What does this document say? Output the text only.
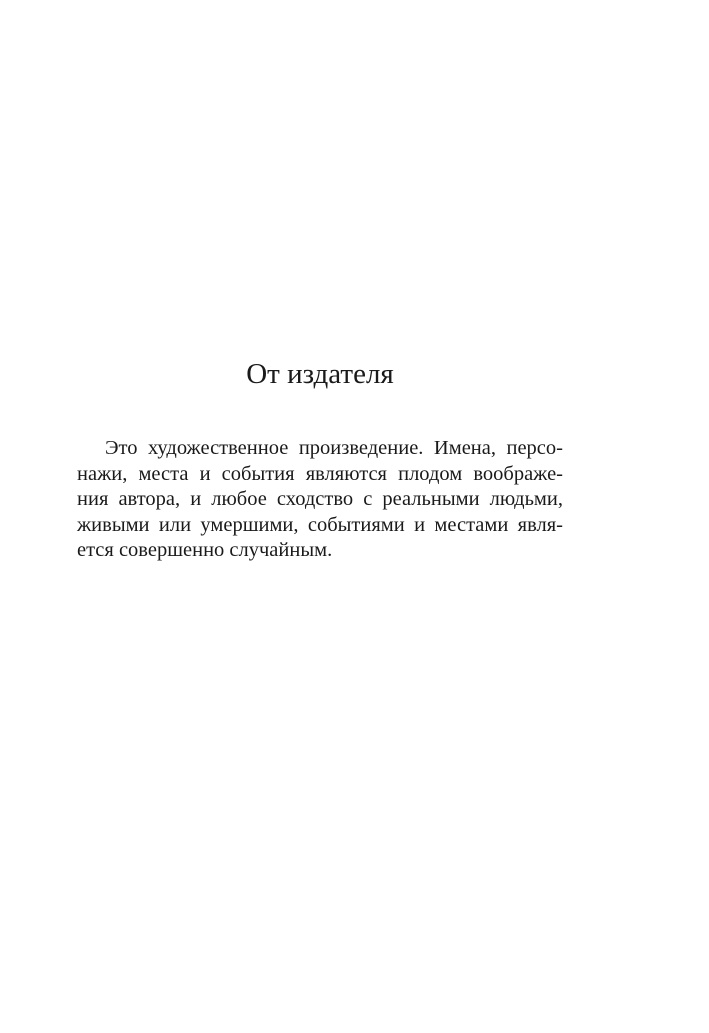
От издателя

Это художественное произведение. Имена, персо-
нажи, места и события являются плодом воображе-
ния автора, и любое сходство с реальными людьми,
живыми или умершими, событиями и местами явля-
ется совершенно случайным.
